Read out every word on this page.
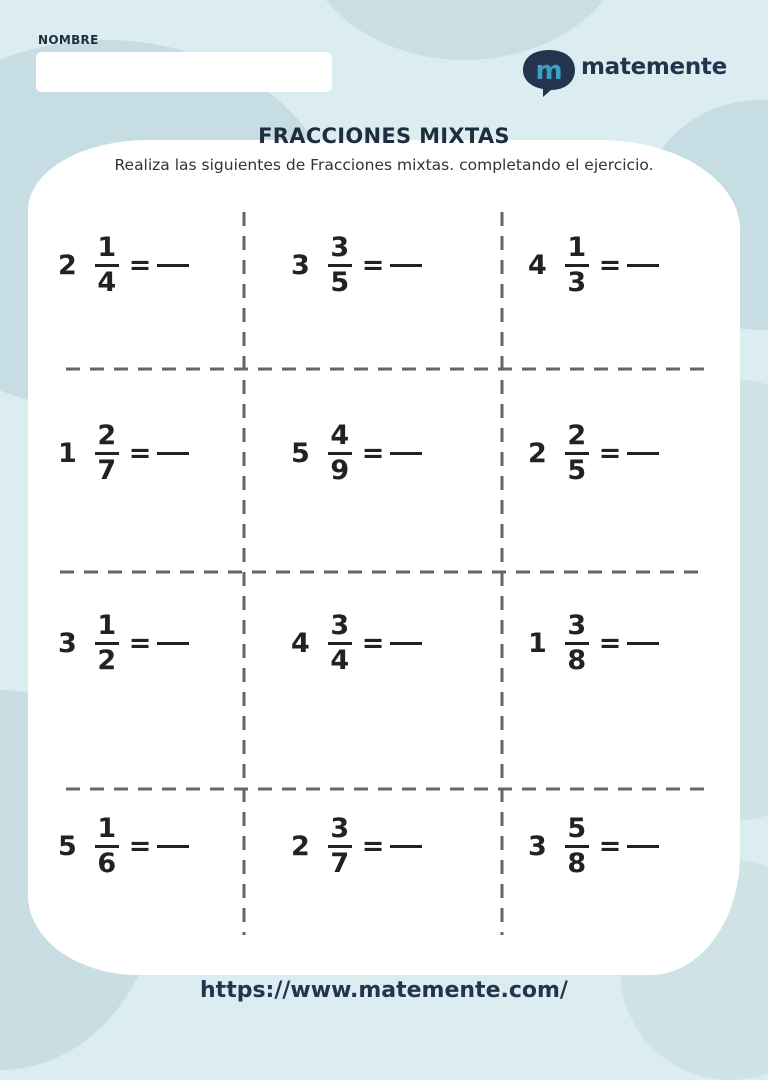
NOMBRE
m matemente
FRACCIONES MIXTAS
Realiza las siguientes de Fracciones mixtas. completando el ejercicio.
$2 \frac{1}{4}$ =	$3 \frac{3}{5}$ =	$4 \frac{1}{3}$ =
$1 \frac{2}{7}$ =	$5 \frac{4}{9}$ =	$2 \frac{2}{5}$ =
$3 \frac{1}{2}$ =	$4 \frac{3}{4}$ =	$1 \frac{3}{8}$ =
$5 \frac{1}{6}$ =	$2 \frac{3}{7}$ =	$3 \frac{5}{8}$ =
https://www.matemente.com/
